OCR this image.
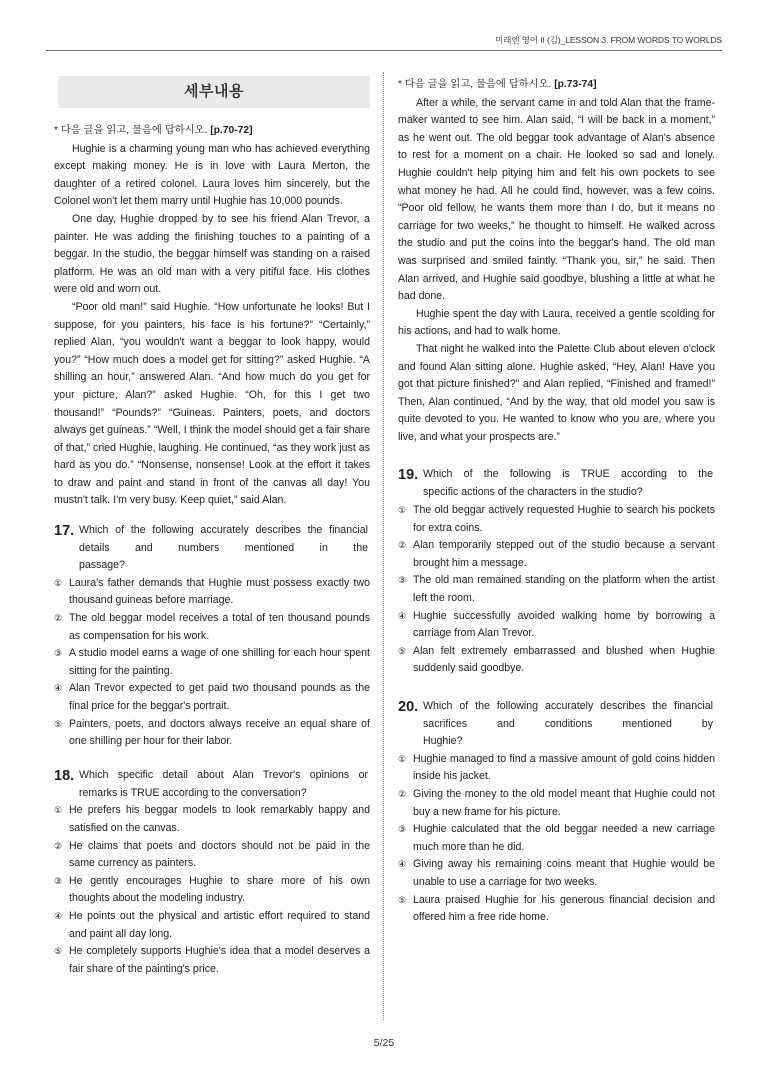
미래엔 영어 II (김)_LESSON 3. FROM WORDS TO WORLDS
세부내용
* 다음 글을 읽고, 물음에 답하시오. [p.70-72]

Hughie is a charming young man who has achieved everything except making money. He is in love with Laura Merton, the daughter of a retired colonel. Laura loves him sincerely, but the Colonel won't let them marry until Hughie has 10,000 pounds.

One day, Hughie dropped by to see his friend Alan Trevor, a painter. He was adding the finishing touches to a painting of a beggar. In the studio, the beggar himself was standing on a raised platform. He was an old man with a very pitiful face. His clothes were old and worn out.

“Poor old man!” said Hughie. “How unfortunate he looks! But I suppose, for you painters, his face is his fortune?” “Certainly,” replied Alan, “you wouldn't want a beggar to look happy, would you?” “How much does a model get for sitting?” asked Hughie. “A shilling an hour,” answered Alan. “And how much do you get for your picture, Alan?” asked Hughie. “Oh, for this I get two thousand!” “Pounds?” “Guineas. Painters, poets, and doctors always get guineas.” “Well, I think the model should get a fair share of that,” cried Hughie, laughing. He continued, “as they work just as hard as you do.” “Nonsense, nonsense! Look at the effort it takes to draw and paint and stand in front of the canvas all day! You mustn't talk. I'm very busy. Keep quiet,” said Alan.

17. Which of the following accurately describes the financial details and numbers mentioned in the
passage?
① Laura's father demands that Hughie must possess exactly two thousand guineas before marriage.
② The old beggar model receives a total of ten thousand pounds as compensation for his work.
③ A studio model earns a wage of one shilling for each hour spent sitting for the painting.
④ Alan Trevor expected to get paid two thousand pounds as the final price for the beggar's portrait.
⑤ Painters, poets, and doctors always receive an equal share of one shilling per hour for their labor.
18. Which specific detail about Alan Trevor's opinions or
remarks is TRUE according to the conversation?
① He prefers his beggar models to look remarkably happy and satisfied on the canvas.
② He claims that poets and doctors should not be paid in the same currency as painters.
③ He gently encourages Hughie to share more of his own thoughts about the modeling industry.
④ He points out the physical and artistic effort required to stand and paint all day long.
⑤ He completely supports Hughie's idea that a model deserves a fair share of the painting's price.
* 다음 글을 읽고, 물음에 답하시오. [p.73-74]

After a while, the servant came in and told Alan that the frame-maker wanted to see him. Alan said, “I will be back in a moment,” as he went out. The old beggar took advantage of Alan's absence to rest for a moment on a chair. He looked so sad and lonely. Hughie couldn't help pitying him and felt his own pockets to see what money he had. All he could find, however, was a few coins. “Poor old fellow, he wants them more than I do, but it means no carriage for two weeks,” he thought to himself. He walked across the studio and put the coins into the beggar's hand. The old man was surprised and smiled faintly. “Thank you, sir,” he said. Then Alan arrived, and Hughie said goodbye, blushing a little at what he had done.

Hughie spent the day with Laura, received a gentle scolding for his actions, and had to walk home.

That night he walked into the Palette Club about eleven o'clock and found Alan sitting alone. Hughie asked, “Hey, Alan! Have you got that picture finished?” and Alan replied, “Finished and framed!” Then, Alan continued, “And by the way, that old model you saw is quite devoted to you. He wanted to know who you are, where you live, and what your prospects are.”

19. Which of the following is TRUE according to the
specific actions of the characters in the studio?
① The old beggar actively requested Hughie to search his pockets for extra coins.
② Alan temporarily stepped out of the studio because a servant brought him a message.
③ The old man remained standing on the platform when the artist left the room.
④ Hughie successfully avoided walking home by borrowing a carriage from Alan Trevor.
⑤ Alan felt extremely embarrassed and blushed when Hughie suddenly said goodbye.
20. Which of the following accurately describes the financial sacrifices and conditions mentioned by
Hughie?
① Hughie managed to find a massive amount of gold coins hidden inside his jacket.
② Giving the money to the old model meant that Hughie could not buy a new frame for his picture.
③ Hughie calculated that the old beggar needed a new carriage much more than he did.
④ Giving away his remaining coins meant that Hughie would be unable to use a carriage for two weeks.
⑤ Laura praised Hughie for his generous financial decision and offered him a free ride home.
5/25
